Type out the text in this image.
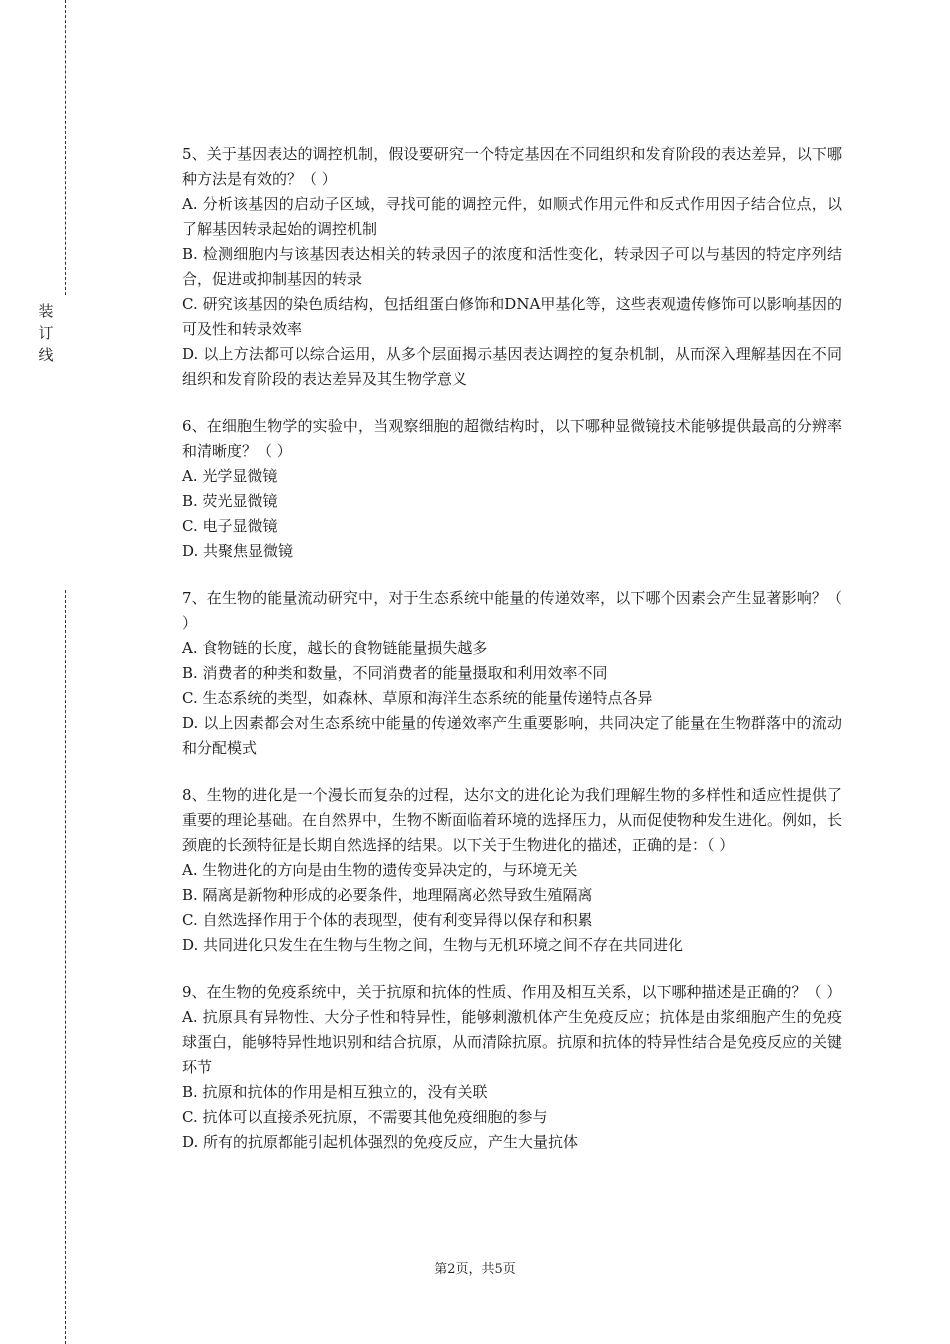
装订线

5、关于基因表达的调控机制，假设要研究一个特定基因在不同组织和发育阶段的表达差异，以下哪种方法是有效的？（ ）

A. 分析该基因的启动子区域，寻找可能的调控元件，如顺式作用元件和反式作用因子结合位点，以了解基因转录起始的调控机制

B. 检测细胞内与该基因表达相关的转录因子的浓度和活性变化，转录因子可以与基因的特定序列结合，促进或抑制基因的转录

C. 研究该基因的染色质结构，包括组蛋白修饰和DNA甲基化等，这些表观遗传修饰可以影响基因的可及性和转录效率

D. 以上方法都可以综合运用，从多个层面揭示基因表达调控的复杂机制，从而深入理解基因在不同组织和发育阶段的表达差异及其生物学意义

6、在细胞生物学的实验中，当观察细胞的超微结构时，以下哪种显微镜技术能够提供最高的分辨率和清晰度？（ ）

A. 光学显微镜

B. 荧光显微镜

C. 电子显微镜

D. 共聚焦显微镜

7、在生物的能量流动研究中，对于生态系统中能量的传递效率，以下哪个因素会产生显著影响？（ ）

A. 食物链的长度，越长的食物链能量损失越多

B. 消费者的种类和数量，不同消费者的能量摄取和利用效率不同

C. 生态系统的类型，如森林、草原和海洋生态系统的能量传递特点各异

D. 以上因素都会对生态系统中能量的传递效率产生重要影响，共同决定了能量在生物群落中的流动和分配模式

8、生物的进化是一个漫长而复杂的过程，达尔文的进化论为我们理解生物的多样性和适应性提供了重要的理论基础。在自然界中，生物不断面临着环境的选择压力，从而促使物种发生进化。例如，长颈鹿的长颈特征是长期自然选择的结果。以下关于生物进化的描述，正确的是：（ ）

A. 生物进化的方向是由生物的遗传变异决定的，与环境无关

B. 隔离是新物种形成的必要条件，地理隔离必然导致生殖隔离

C. 自然选择作用于个体的表现型，使有利变异得以保存和积累

D. 共同进化只发生在生物与生物之间，生物与无机环境之间不存在共同进化

9、在生物的免疫系统中，关于抗原和抗体的性质、作用及相互关系，以下哪种描述是正确的？（ ）

A. 抗原具有异物性、大分子性和特异性，能够刺激机体产生免疫反应；抗体是由浆细胞产生的免疫球蛋白，能够特异性地识别和结合抗原，从而清除抗原。抗原和抗体的特异性结合是免疫反应的关键环节

B. 抗原和抗体的作用是相互独立的，没有关联

C. 抗体可以直接杀死抗原，不需要其他免疫细胞的参与

D. 所有的抗原都能引起机体强烈的免疫反应，产生大量抗体

第2页，共5页
